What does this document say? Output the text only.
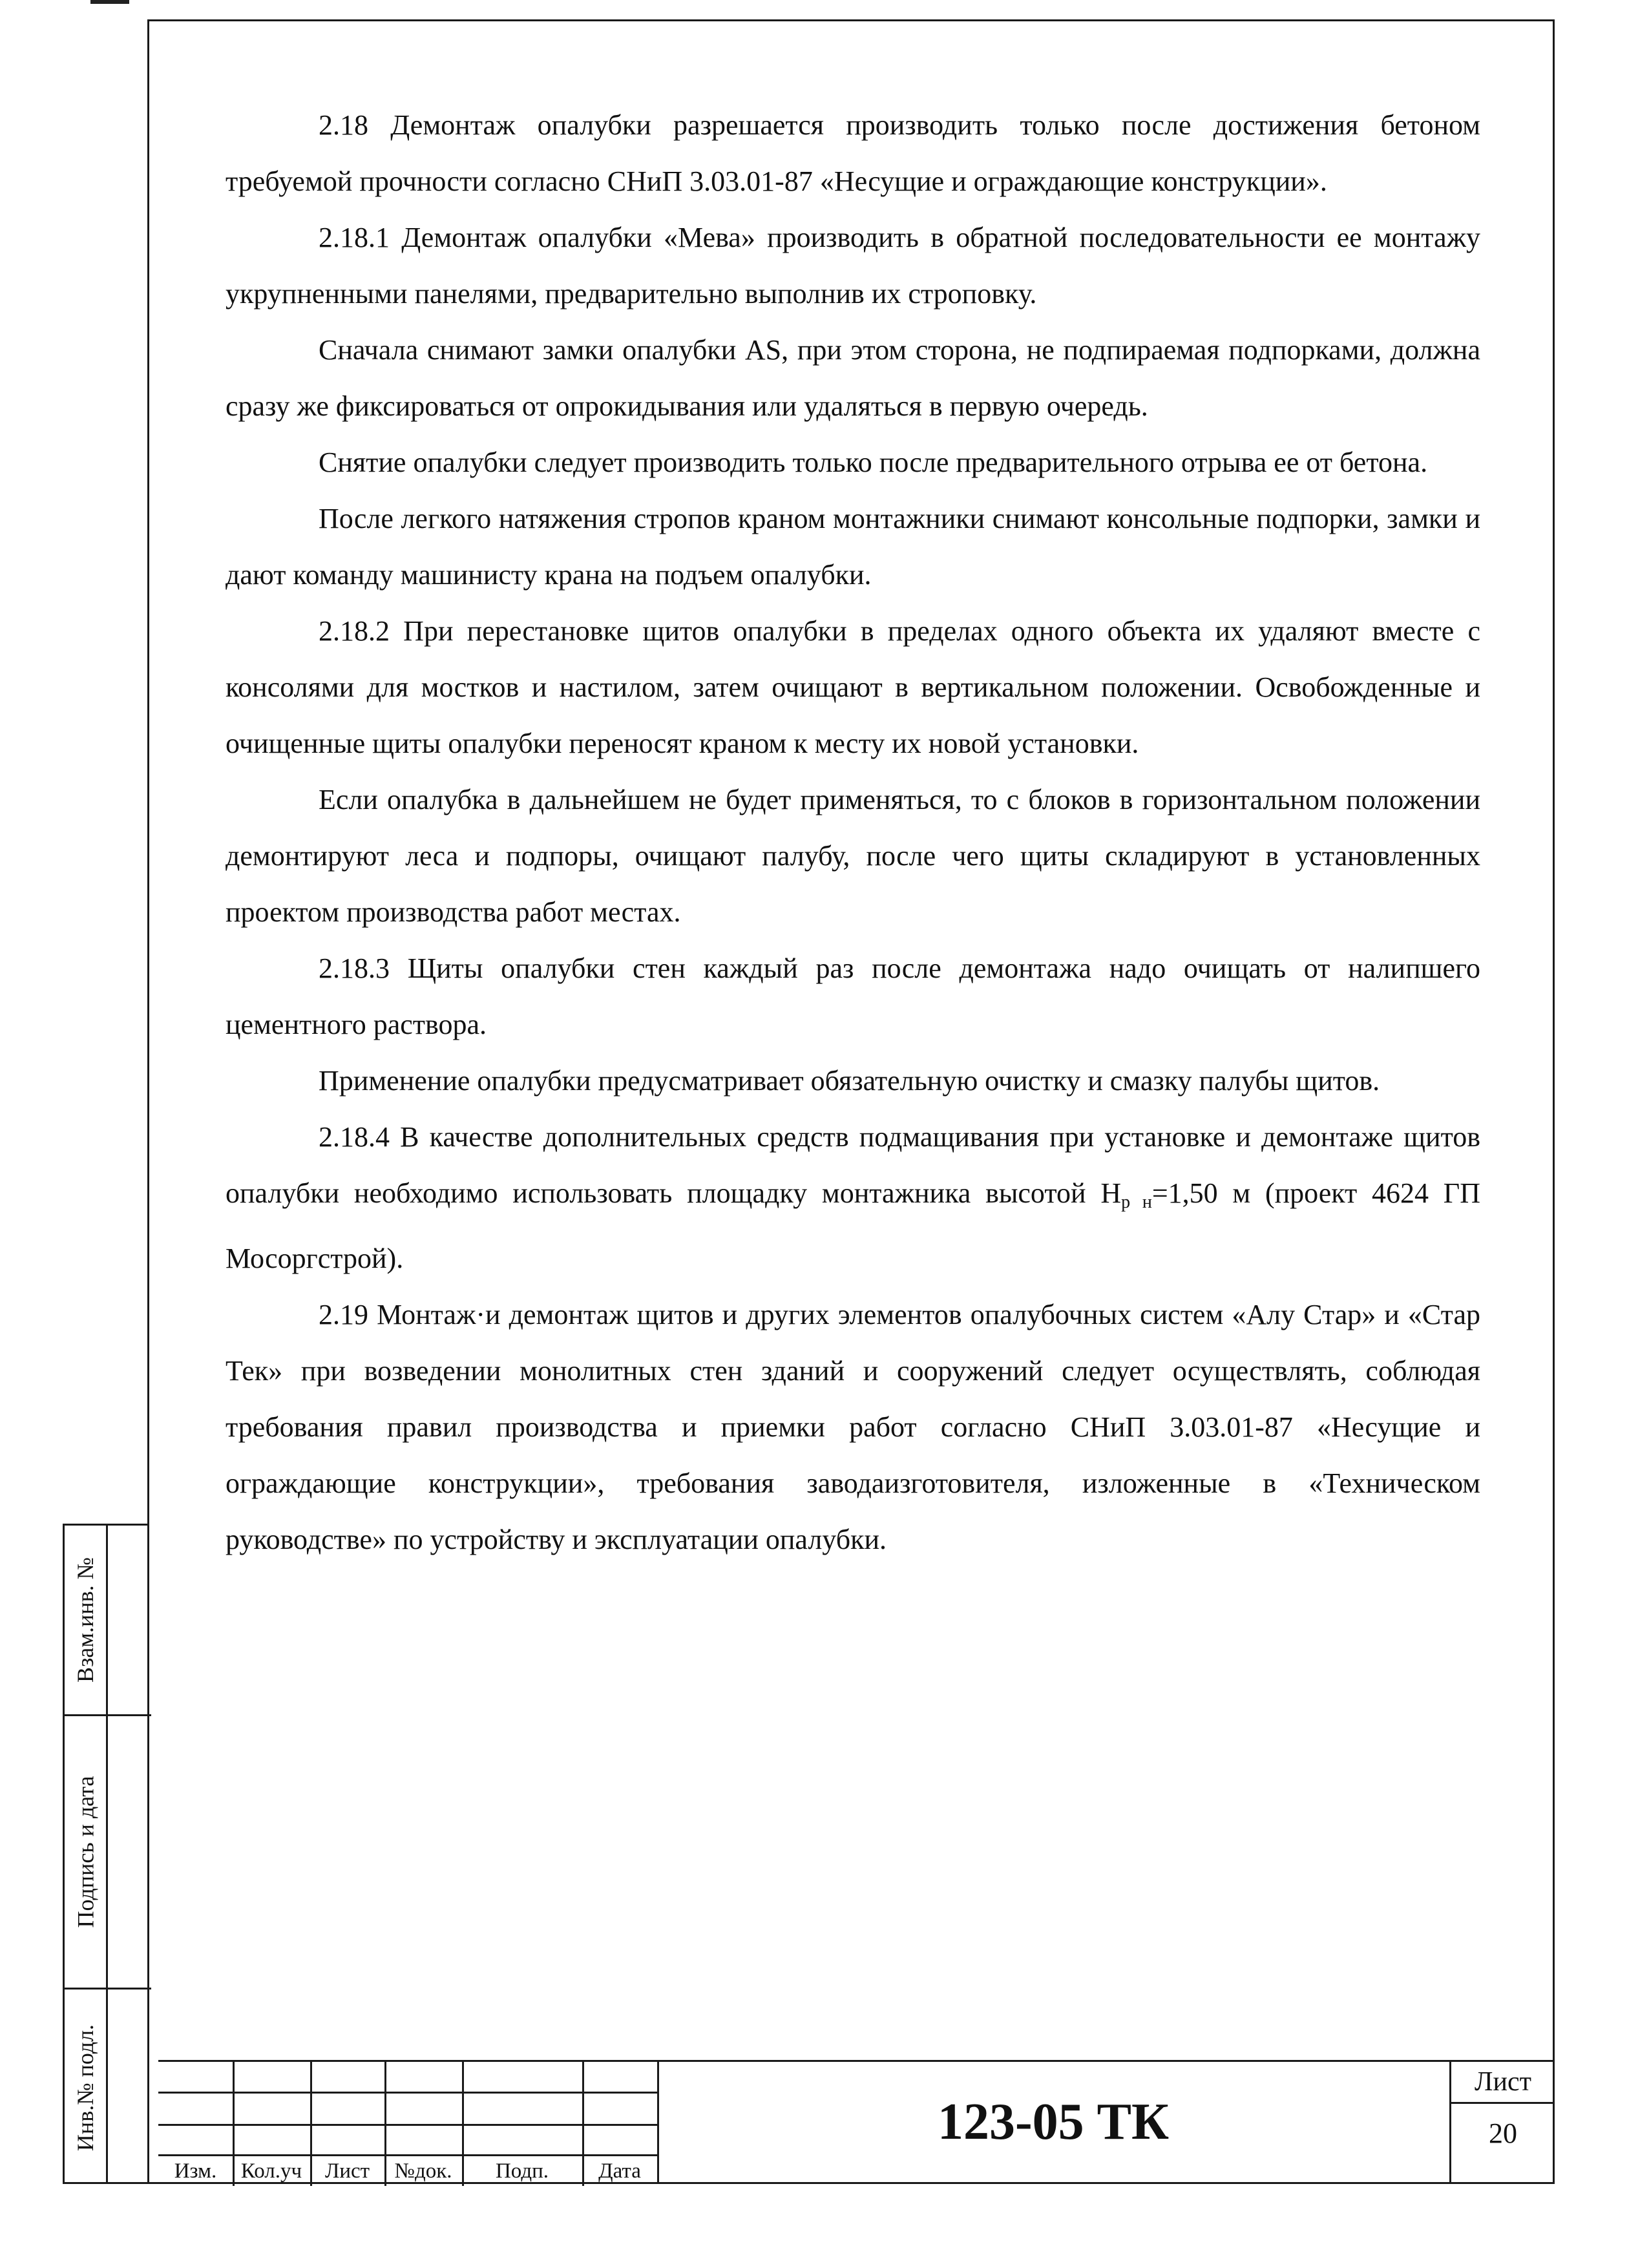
2.18 Демонтаж опалубки разрешается производить только после достижения бетоном требуемой прочности согласно СНиП 3.03.01-87 «Несущие и ограждающие конструкции».

2.18.1 Демонтаж опалубки «Мева» производить в обратной последовательности ее монтажу укрупненными панелями, предварительно выполнив их строповку.

Сначала снимают замки опалубки AS, при этом сторона, не подпираемая подпорками, должна сразу же фиксироваться от опрокидывания или удаляться в первую очередь.

Снятие опалубки следует производить только после предварительного отрыва ее от бетона.

После легкого натяжения стропов краном монтажники снимают консольные подпорки, замки и дают команду машинисту крана на подъем опалубки.

2.18.2 При перестановке щитов опалубки в пределах одного объекта их удаляют вместе с консолями для мостков и настилом, затем очищают в вертикальном положении. Освобожденные и очищенные щиты опалубки переносят краном к месту их новой установки.

Если опалубка в дальнейшем не будет применяться, то с блоков в горизонтальном положении демонтируют леса и подпоры, очищают палубу, после чего щиты складируют в установленных проектом производства работ местах.

2.18.3 Щиты опалубки стен каждый раз после демонтажа надо очищать от налипшего цементного раствора.

Применение опалубки предусматривает обязательную очистку и смазку палубы щитов.

2.18.4 В качестве дополнительных средств подмащивания при установке и демонтаже щитов опалубки необходимо использовать площадку монтажника высотой $H_{р н}=1,50$ м (проект 4624 ГП Мосоргстрой).

2.19 Монтаж·и демонтаж щитов и других элементов опалубочных систем «Алу Стар» и «Стар Тек» при возведении монолитных стен зданий и сооружений следует осуществлять, соблюдая требования правил производства и приемки работ согласно СНиП 3.03.01-87 «Несущие и ограждающие конструкции», требования заводаизготовителя, изложенные в «Техническом руководстве» по устройству и эксплуатации опалубки.

Взам.инв. №
Подпись и дата
Инв.№ подл.
Изм.	Кол.уч	Лист	№док.	Подп.	Дата
123-05 ТК
Лист
20
